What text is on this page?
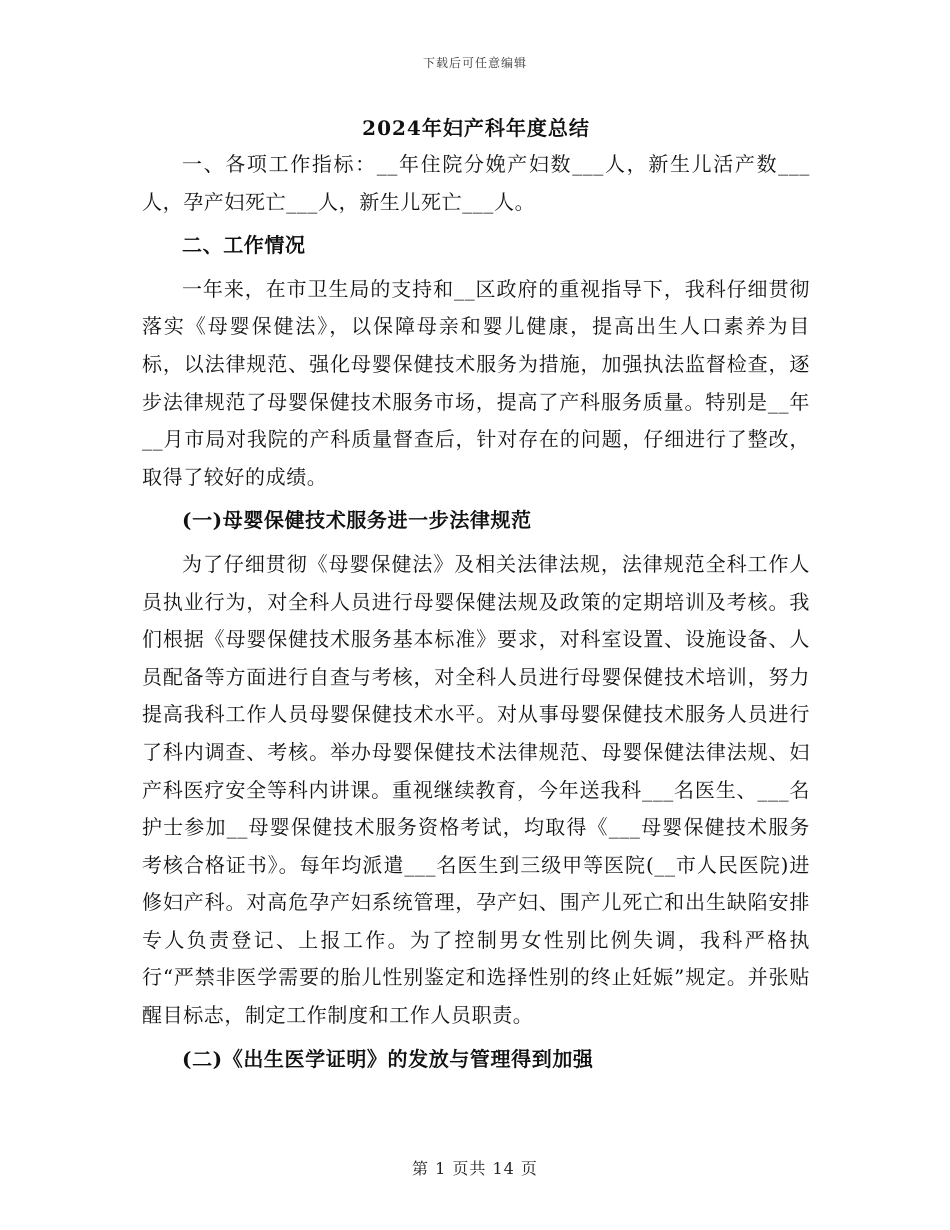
下载后可任意编辑
2024年妇产科年度总结

一、各项工作指标：__年住院分娩产妇数___人，新生儿活产数___人，孕产妇死亡___人，新生儿死亡___人。

二、工作情况

一年来，在市卫生局的支持和__区政府的重视指导下，我科仔细贯彻落实《母婴保健法》，以保障母亲和婴儿健康，提高出生人口素养为目标，以法律规范、强化母婴保健技术服务为措施，加强执法监督检查，逐步法律规范了母婴保健技术服务市场，提高了产科服务质量。特别是__年__月市局对我院的产科质量督查后，针对存在的问题，仔细进行了整改，取得了较好的成绩。

(一)母婴保健技术服务进一步法律规范

为了仔细贯彻《母婴保健法》及相关法律法规，法律规范全科工作人员执业行为，对全科人员进行母婴保健法规及政策的定期培训及考核。我们根据《母婴保健技术服务基本标准》要求，对科室设置、设施设备、人员配备等方面进行自查与考核，对全科人员进行母婴保健技术培训，努力提高我科工作人员母婴保健技术水平。对从事母婴保健技术服务人员进行了科内调查、考核。举办母婴保健技术法律规范、母婴保健法律法规、妇产科医疗安全等科内讲课。重视继续教育，今年送我科___名医生、___名护士参加__母婴保健技术服务资格考试，均取得《___母婴保健技术服务考核合格证书》。每年均派遣___名医生到三级甲等医院(__市人民医院)进修妇产科。对高危孕产妇系统管理，孕产妇、围产儿死亡和出生缺陷安排专人负责登记、上报工作。为了控制男女性别比例失调，我科严格执行“严禁非医学需要的胎儿性别鉴定和选择性别的终止妊娠”规定。并张贴醒目标志，制定工作制度和工作人员职责。

(二)《出生医学证明》的发放与管理得到加强

第 1 页共 14 页
